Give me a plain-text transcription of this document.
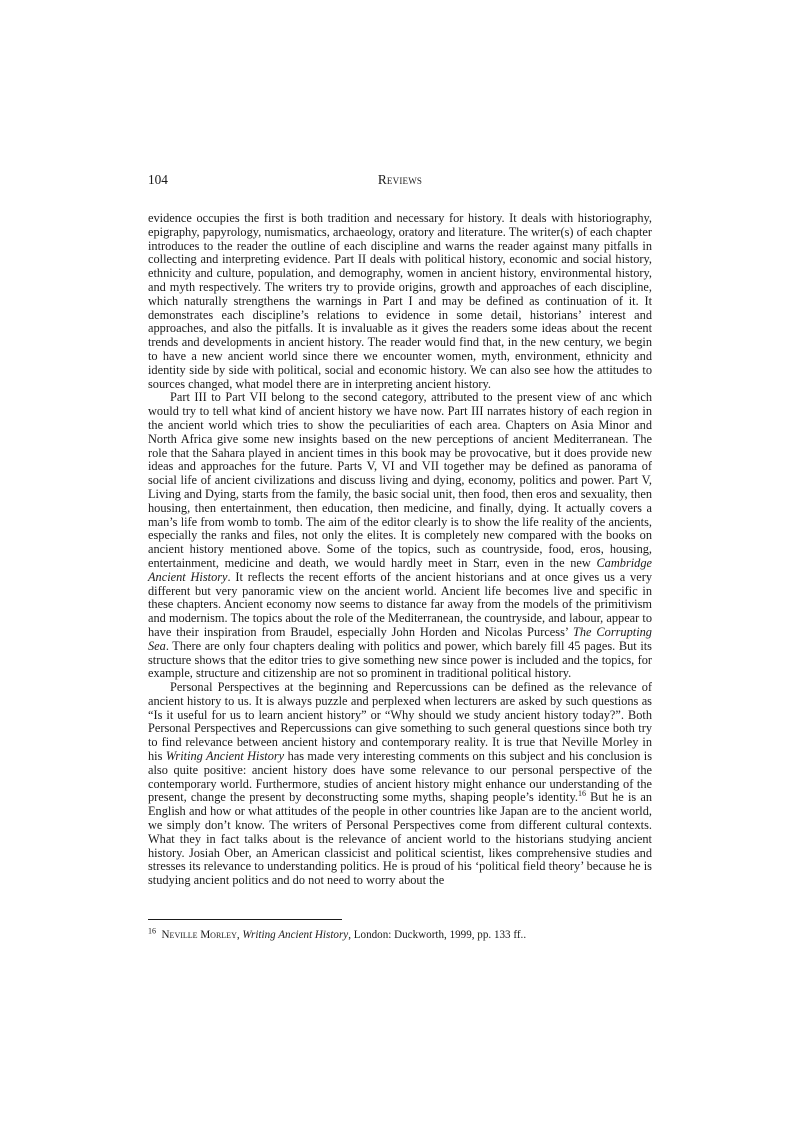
104	Reviews

evidence occupies the first is both tradition and necessary for history. It deals with historiography, epigraphy, papyrology, numismatics, archaeology, oratory and literature. The writer(s) of each chapter introduces to the reader the outline of each discipline and warns the reader against many pitfalls in collecting and interpreting evidence. Part II deals with political history, economic and social history, ethnicity and culture, population, and demography, women in ancient history, environmental history, and myth respectively. The writers try to provide origins, growth and approaches of each discipline, which naturally strengthens the warnings in Part I and may be defined as continuation of it. It demonstrates each discipline’s relations to evidence in some detail, historians’ interest and approaches, and also the pitfalls. It is invaluable as it gives the readers some ideas about the recent trends and developments in ancient history. The reader would find that, in the new century, we begin to have a new ancient world since there we encounter women, myth, environment, ethnicity and identity side by side with political, social and economic history. We can also see how the attitudes to sources changed, what model there are in interpreting ancient history.

Part III to Part VII belong to the second category, attributed to the present view of anc which would try to tell what kind of ancient history we have now. Part III narrates history of each region in the ancient world which tries to show the peculiarities of each area. Chapters on Asia Minor and North Africa give some new insights based on the new perceptions of ancient Mediterranean. The role that the Sahara played in ancient times in this book may be provocative, but it does provide new ideas and approaches for the future. Parts V, VI and VII together may be defined as panorama of social life of ancient civilizations and discuss living and dying, economy, politics and power. Part V, Living and Dying, starts from the family, the basic social unit, then food, then eros and sexuality, then housing, then entertainment, then education, then medicine, and finally, dying. It actually covers a man’s life from womb to tomb. The aim of the editor clearly is to show the life reality of the ancients, especially the ranks and files, not only the elites. It is completely new compared with the books on ancient history mentioned above. Some of the topics, such as countryside, food, eros, housing, entertainment, medicine and death, we would hardly meet in Starr, even in the new Cambridge Ancient History. It reflects the recent efforts of the ancient historians and at once gives us a very different but very panoramic view on the ancient world. Ancient life becomes live and specific in these chapters. Ancient economy now seems to distance far away from the models of the primitivism and modernism. The topics about the role of the Mediterranean, the countryside, and labour, appear to have their inspiration from Braudel, especially John Horden and Nicolas Purcess’ The Corrupting Sea. There are only four chapters dealing with politics and power, which barely fill 45 pages. But its structure shows that the editor tries to give something new since power is included and the topics, for example, structure and citizenship are not so prominent in traditional political history.

Personal Perspectives at the beginning and Repercussions can be defined as the relevance of ancient history to us. It is always puzzle and perplexed when lecturers are asked by such questions as “Is it useful for us to learn ancient history” or “Why should we study ancient history today?”. Both Personal Perspectives and Repercussions can give something to such general questions since both try to find relevance between ancient history and contemporary reality. It is true that Neville Morley in his Writing Ancient History has made very interesting comments on this subject and his conclusion is also quite positive: ancient history does have some relevance to our personal perspective of the contemporary world. Furthermore, studies of ancient history might enhance our understanding of the present, change the present by deconstructing some myths, shaping people’s identity.$^{16}$ But he is an English and how or what attitudes of the people in other countries like Japan are to the ancient world, we simply don’t know. The writers of Personal Perspectives come from different cultural contexts. What they in fact talks about is the relevance of ancient world to the historians studying ancient history. Josiah Ober, an American classicist and political scientist, likes comprehensive studies and stresses its relevance to understanding politics. He is proud of his ‘political field theory’ because he is studying ancient politics and do not need to worry about the

$^{16}$ Neville Morley, Writing Ancient History, London: Duckworth, 1999, pp. 133 ff..
